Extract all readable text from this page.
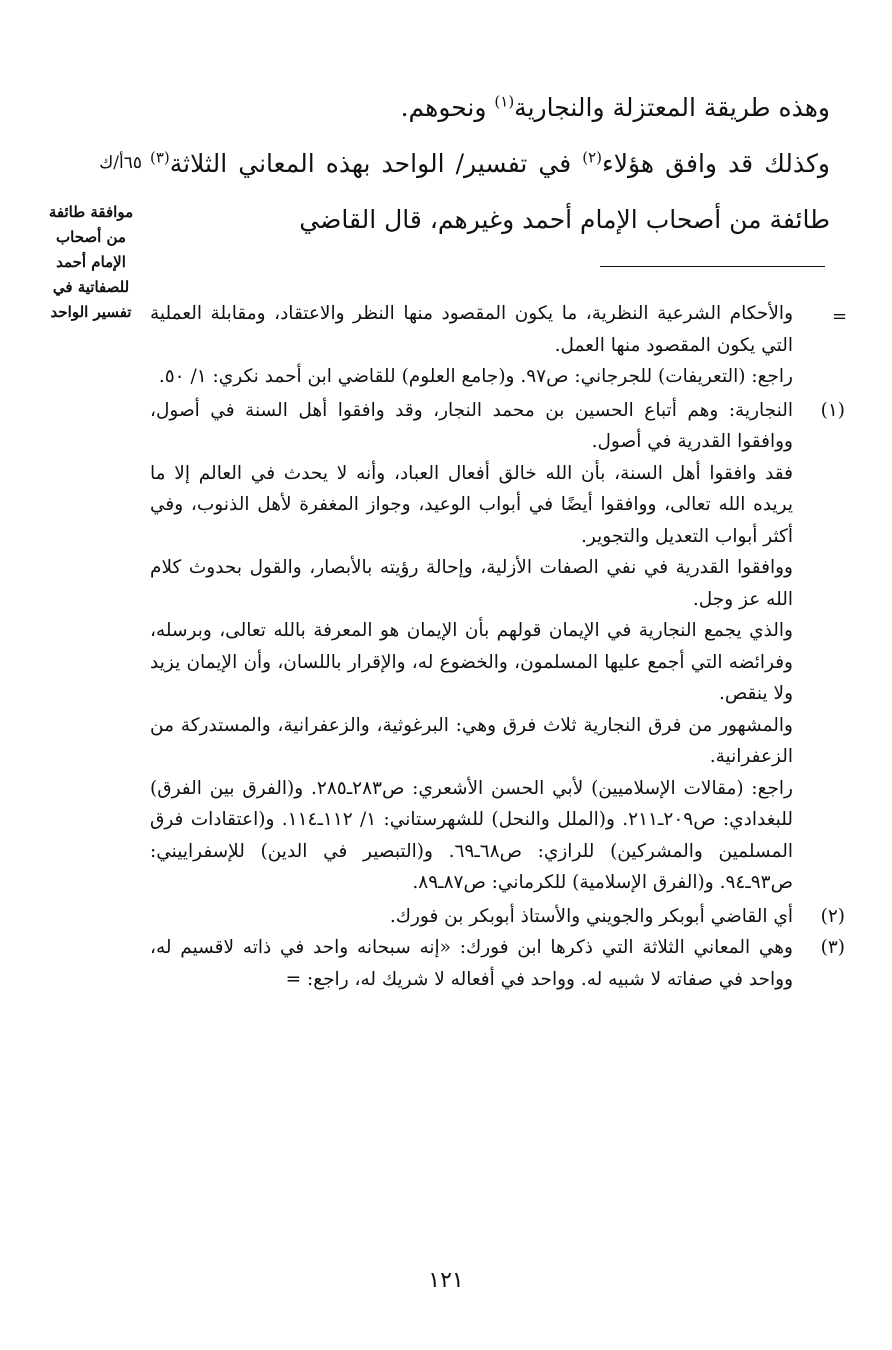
وهذه طريقة المعتزلة والنجارية$^{(١)}$ ونحوهم.

وكذلك قد وافق هؤلاء$^{(٢)}$ في تفسير/ الواحد بهذه المعاني الثلاثة$^{(٣)}$ طائفة من أصحاب الإمام أحمد وغيرهم، قال القاضي

٦٥أ/ك
موافقة طائفة من أصحاب الإمام أحمد للصفاتية في تفسير الواحد	=

والأحكام الشرعية النظرية، ما يكون المقصود منها النظر والاعتقاد، ومقابلة العملية التي يكون المقصود منها العمل.

راجع: (التعريفات) للجرجاني: ص٩٧. و(جامع العلوم) للقاضي ابن أحمد نكري: ١/ ٥٠.

(١)

النجارية: وهم أتباع الحسين بن محمد النجار، وقد وافقوا أهل السنة في أصول، ووافقوا القدرية في أصول.

فقد وافقوا أهل السنة، بأن الله خالق أفعال العباد، وأنه لا يحدث في العالم إلا ما يريده الله تعالى، ووافقوا أيضًا في أبواب الوعيد، وجواز المغفرة لأهل الذنوب، وفي أكثر أبواب التعديل والتجوير.

ووافقوا القدرية في نفي الصفات الأزلية، وإحالة رؤيته بالأبصار، والقول بحدوث كلام الله عز وجل.

والذي يجمع النجارية في الإيمان قولهم بأن الإيمان هو المعرفة بالله تعالى، وبرسله، وفرائضه التي أجمع عليها المسلمون، والخضوع له، والإقرار باللسان، وأن الإيمان يزيد ولا ينقص.

والمشهور من فرق النجارية ثلاث فرق وهي: البرغوثية، والزعفرانية، والمستدركة من الزعفرانية.

راجع: (مقالات الإسلاميين) لأبي الحسن الأشعري: ص٢٨٣ـ٢٨٥. و(الفرق بين الفرق) للبغدادي: ص٢٠٩ـ٢١١. و(الملل والنحل) للشهرستاني: ١/ ١١٢ـ١١٤. و(اعتقادات فرق المسلمين والمشركين) للرازي: ص٦٨ـ٦٩. و(التبصير في الدين) للإسفراييني: ص٩٣ـ٩٤. و(الفرق الإسلامية) للكرماني: ص٨٧ـ٨٩.

(٢)

أي القاضي أبوبكر والجويني والأستاذ أبوبكر بن فورك.

(٣)

وهي المعاني الثلاثة التي ذكرها ابن فورك: «إنه سبحانه واحد في ذاته لاقسيم له، وواحد في صفاته لا شبيه له. وواحد في أفعاله لا شريك له، راجع: =

١٢١
